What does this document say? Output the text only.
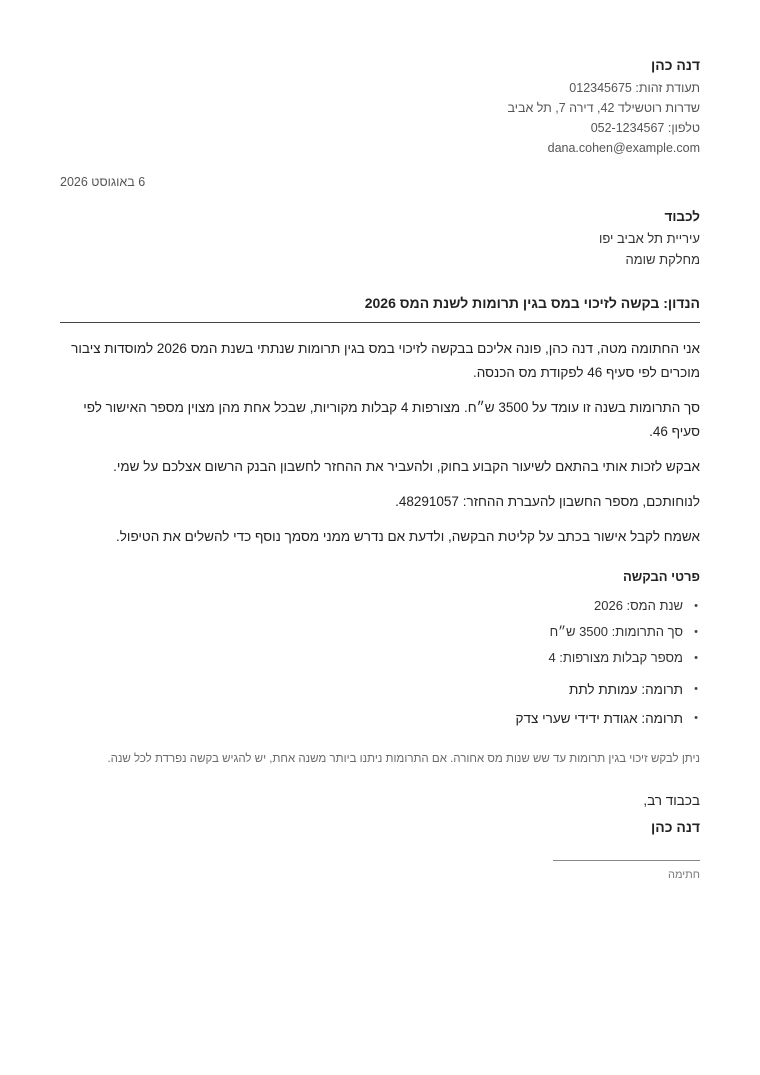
דנה כהן
תעודת זהות: 012345675
שדרות רוטשילד 42, דירה 7, תל אביב
טלפון: 052-1234567
dana.cohen@example.com
6 באוגוסט 2026
לכבוד
עיריית תל אביב יפו
מחלקת שומה
הנדון: בקשה לזיכוי במס בגין תרומות לשנת המס 2026

אני החתומה מטה, דנה כהן, פונה אליכם בבקשה לזיכוי במס בגין תרומות שנתתי בשנת המס 2026 למוסדות ציבור מוכרים לפי סעיף 46 לפקודת מס הכנסה.

סך התרומות בשנה זו עומד על 3500 ש״ח. מצורפות 4 קבלות מקוריות, שבכל אחת מהן מצוין מספר האישור לפי סעיף 46.

אבקש לזכות אותי בהתאם לשיעור הקבוע בחוק, ולהעביר את ההחזר לחשבון הבנק הרשום אצלכם על שמי.

לנוחותכם, מספר החשבון להעברת ההחזר: 48291057.

אשמח לקבל אישור בכתב על קליטת הבקשה, ולדעת אם נדרש ממני מסמך נוסף כדי להשלים את הטיפול.

פרטי הבקשה
•
שנת המס: 2026
•
סך התרומות: 3500 ש״ח
•
מספר קבלות מצורפות: 4
•
תרומה: עמותת לתת
•
תרומה: אגודת ידידי שערי צדק
ניתן לבקש זיכוי בגין תרומות עד שש שנות מס אחורה. אם התרומות ניתנו ביותר משנה אחת, יש להגיש בקשה נפרדת לכל שנה.
בכבוד רב,
דנה כהן
חתימה
